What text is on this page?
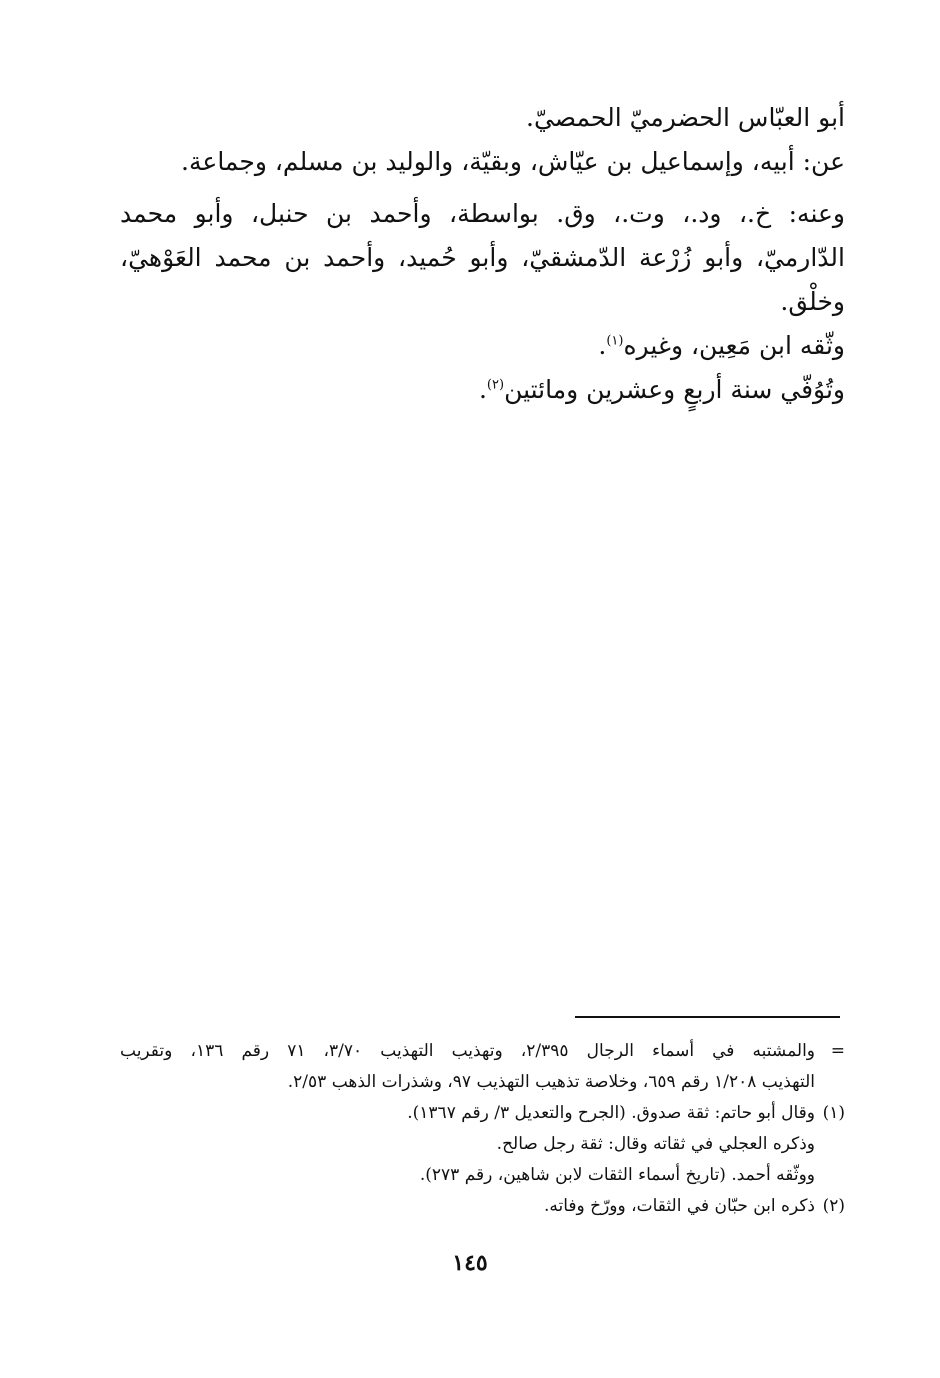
أبو العبّاس الحضرميّ الحمصيّ.
عن: أبيه، وإسماعيل بن عيّاش، وبقيّة، والوليد بن مسلم، وجماعة.
وعنه: خ.، ود.، وت.، وق. بواسطة، وأحمد بن حنبل، وأبو محمد
الدّارميّ، وأبو زُرْعة الدّمشقيّ، وأبو حُميد، وأحمد بن محمد العَوْهيّ،
وخلْق.
وثّقه ابن مَعِين، وغيره$^{(١)}$.
وتُوُفّي سنة أربعٍ وعشرين ومائتين$^{(٢)}$.
=
والمشتبه في أسماء الرجال ٢/٣٩٥، وتهذيب التهذيب ٣/٧٠، ٧١ رقم ١٣٦، وتقريب
التهذيب ١/٢٠٨ رقم ٦٥٩، وخلاصة تذهيب التهذيب ٩٧، وشذرات الذهب ٢/٥٣.
(١)
وقال أبو حاتم: ثقة صدوق. (الجرح والتعديل ٣/ رقم ١٣٦٧).
وذكره العجلي في ثقاته وقال: ثقة رجل صالح.
ووثّقه أحمد. (تاريخ أسماء الثقات لابن شاهين، رقم ٢٧٣).
(٢)
ذكره ابن حبّان في الثقات، وورّخ وفاته.
١٤٥
